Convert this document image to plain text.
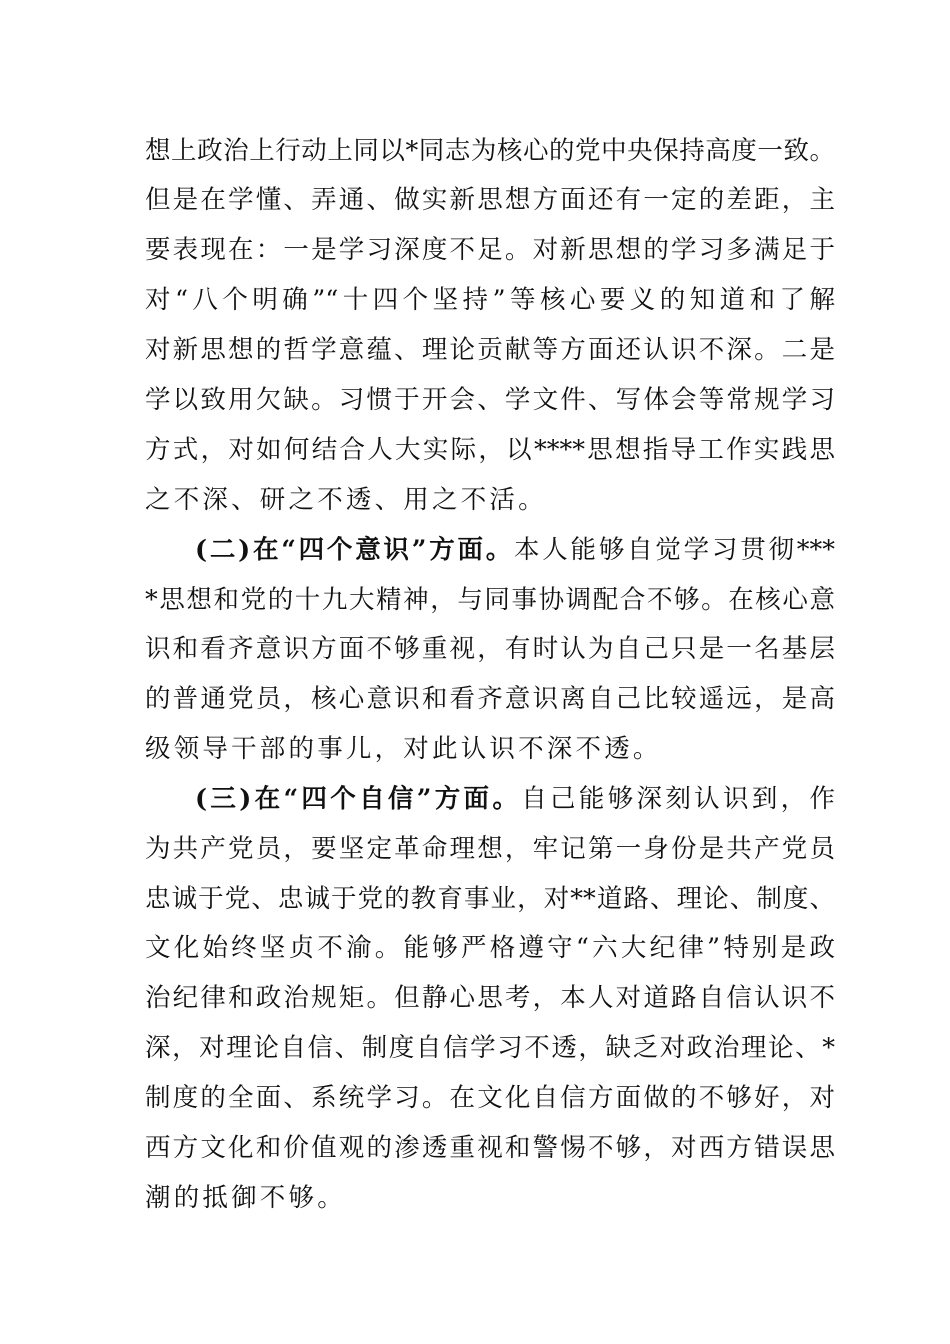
想上政治上行动上同以*同志为核心的党中央保持高度一致。
但是在学懂、弄通、做实新思想方面还有一定的差距，主
要表现在：一是学习深度不足。对新思想的学习多满足于
对“八个明确”“十四个坚持”等核心要义的知道和了解
对新思想的哲学意蕴、理论贡献等方面还认识不深。二是
学以致用欠缺。习惯于开会、学文件、写体会等常规学习
方式，对如何结合人大实际，以****思想指导工作实践思
之不深、研之不透、用之不活。
(二)在“四个意识”方面。本人能够自觉学习贯彻***
*思想和党的十九大精神，与同事协调配合不够。在核心意
识和看齐意识方面不够重视，有时认为自己只是一名基层
的普通党员，核心意识和看齐意识离自己比较遥远，是高
级领导干部的事儿，对此认识不深不透。
(三)在“四个自信”方面。自己能够深刻认识到，作
为共产党员，要坚定革命理想，牢记第一身份是共产党员
忠诚于党、忠诚于党的教育事业，对**道路、理论、制度、
文化始终坚贞不渝。能够严格遵守“六大纪律”特别是政
治纪律和政治规矩。但静心思考，本人对道路自信认识不
深，对理论自信、制度自信学习不透，缺乏对政治理论、*
制度的全面、系统学习。在文化自信方面做的不够好，对
西方文化和价值观的渗透重视和警惕不够，对西方错误思
潮的抵御不够。
